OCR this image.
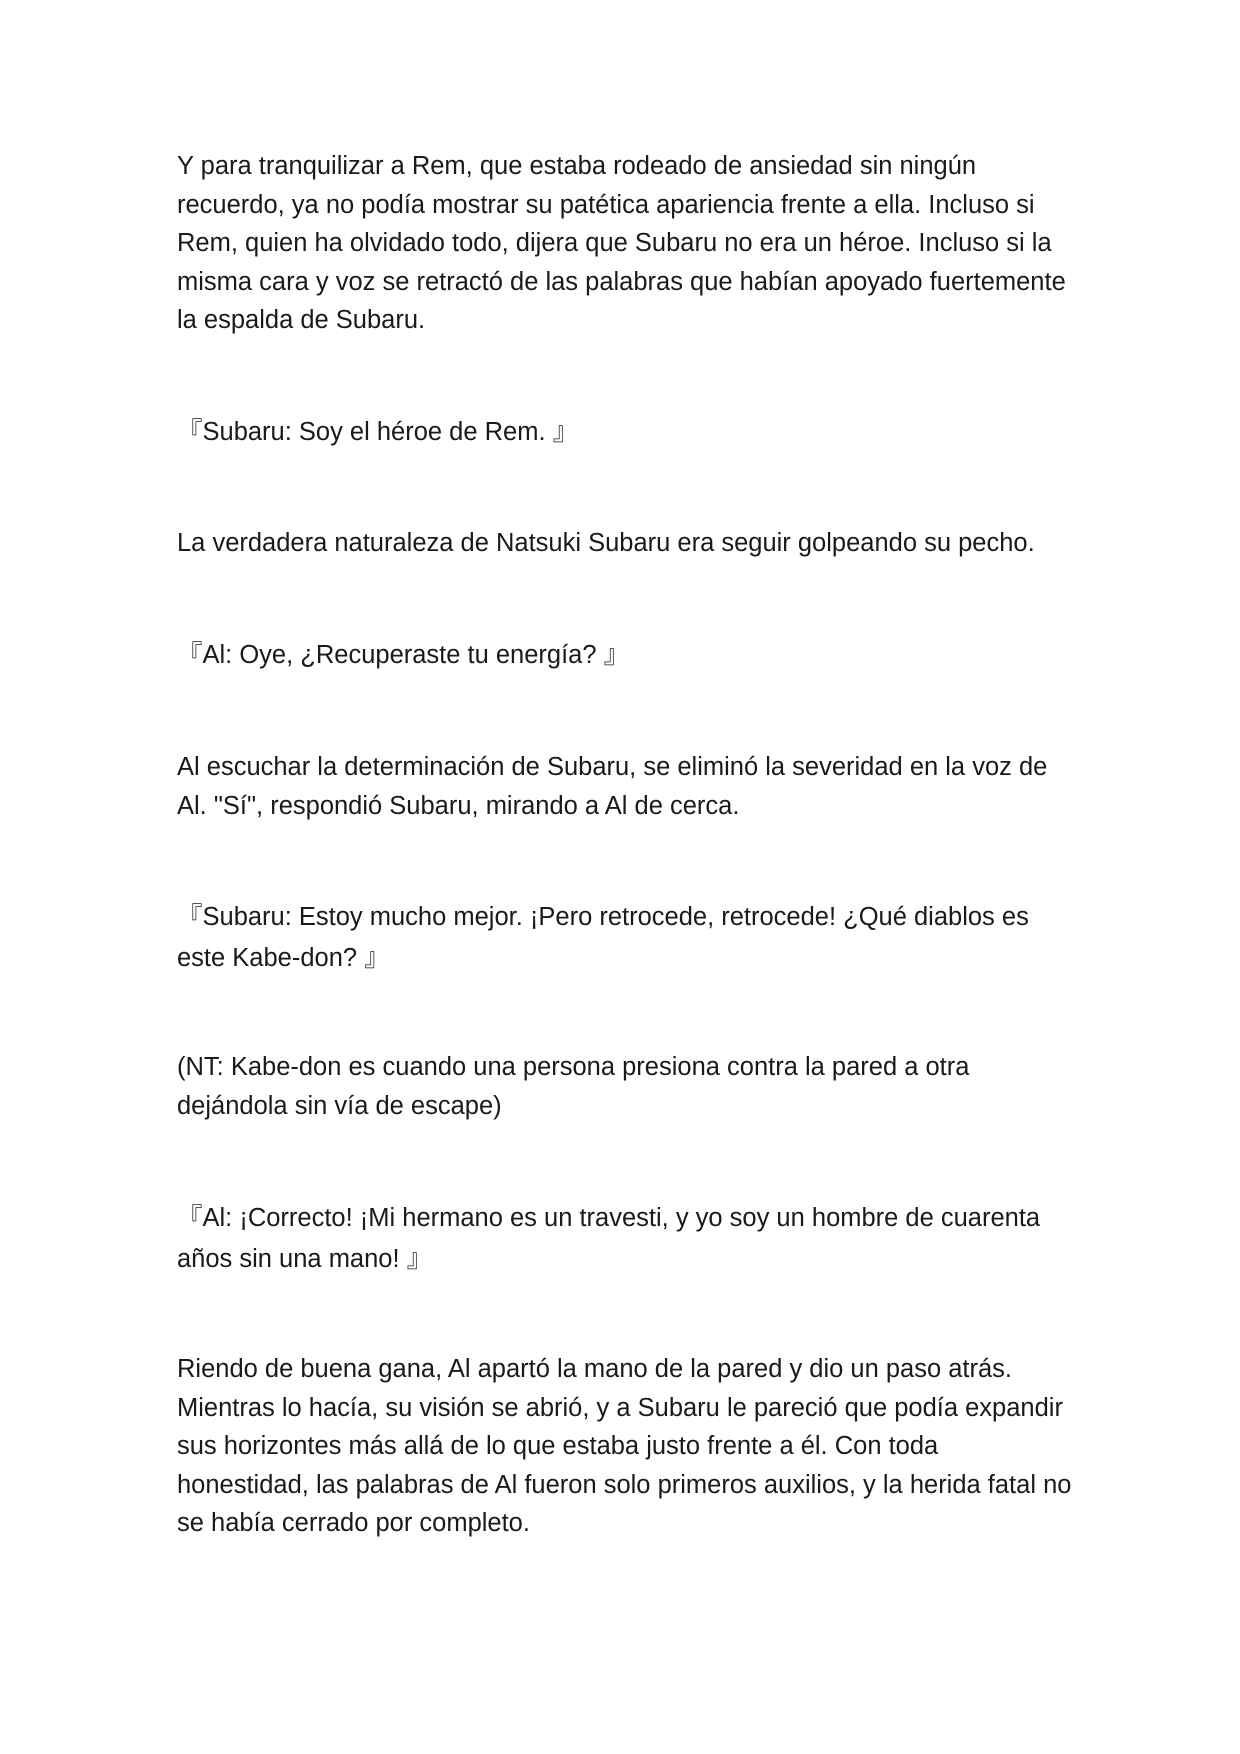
Y para tranquilizar a Rem, que estaba rodeado de ansiedad sin ningún recuerdo, ya no podía mostrar su patética apariencia frente a ella. Incluso si Rem, quien ha olvidado todo, dijera que Subaru no era un héroe. Incluso si la misma cara y voz se retractó de las palabras que habían apoyado fuertemente la espalda de Subaru.

『Subaru: Soy el héroe de Rem. 』

La verdadera naturaleza de Natsuki Subaru era seguir golpeando su pecho.

『Al: Oye, ¿Recuperaste tu energía? 』

Al escuchar la determinación de Subaru, se eliminó la severidad en la voz de Al. "Sí", respondió Subaru, mirando a Al de cerca.

『Subaru: Estoy mucho mejor. ¡Pero retrocede, retrocede! ¿Qué diablos es este Kabe-don? 』

(NT: Kabe-don es cuando una persona presiona contra la pared a otra dejándola sin vía de escape)

『Al: ¡Correcto! ¡Mi hermano es un travesti, y yo soy un hombre de cuarenta años sin una mano! 』

Riendo de buena gana, Al apartó la mano de la pared y dio un paso atrás. Mientras lo hacía, su visión se abrió, y a Subaru le pareció que podía expandir sus horizontes más allá de lo que estaba justo frente a él. Con toda honestidad, las palabras de Al fueron solo primeros auxilios, y la herida fatal no se había cerrado por completo.
